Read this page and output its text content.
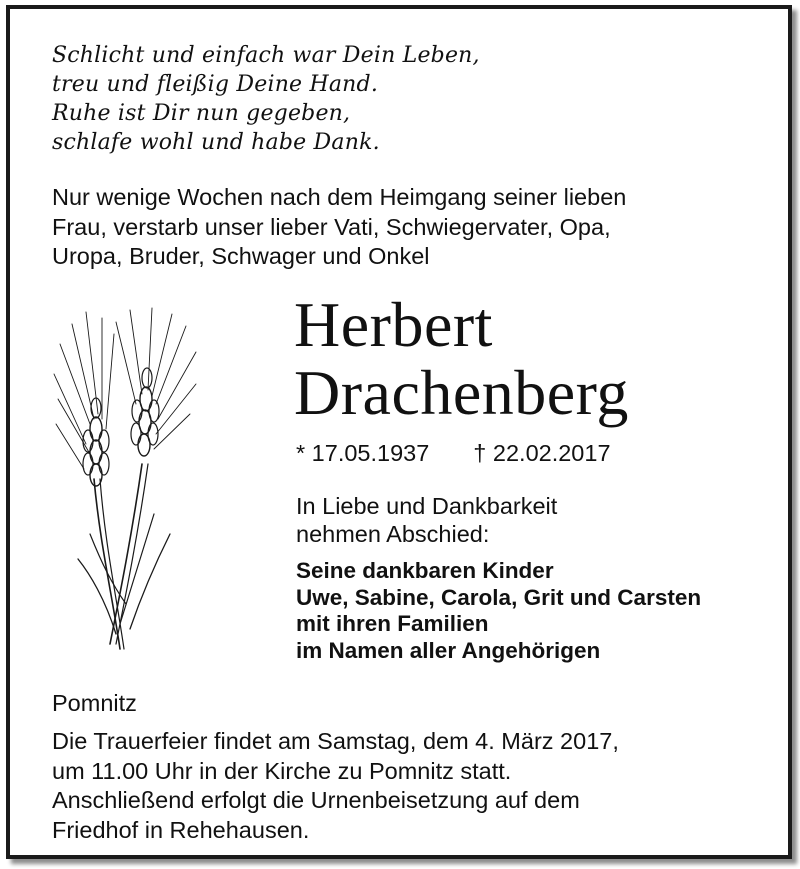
Schlicht und einfach war Dein Leben,
treu und fleißig Deine Hand.
Ruhe ist Dir nun gegeben,
schlafe wohl und habe Dank.
Nur wenige Wochen nach dem Heimgang seiner lieben
Frau, verstarb unser lieber Vati, Schwiegervater, Opa,
Uropa, Bruder, Schwager und Onkel
Herbert
Drachenberg
* 17.05.1937 † 22.02.2017
In Liebe und Dankbarkeit
nehmen Abschied:
Seine dankbaren Kinder
Uwe, Sabine, Carola, Grit und Carsten
mit ihren Familien
im Namen aller Angehörigen
Pomnitz
Die Trauerfeier findet am Samstag, dem 4. März 2017,
um 11.00 Uhr in der Kirche zu Pomnitz statt.
Anschließend erfolgt die Urnenbeisetzung auf dem
Friedhof in Rehehausen.
